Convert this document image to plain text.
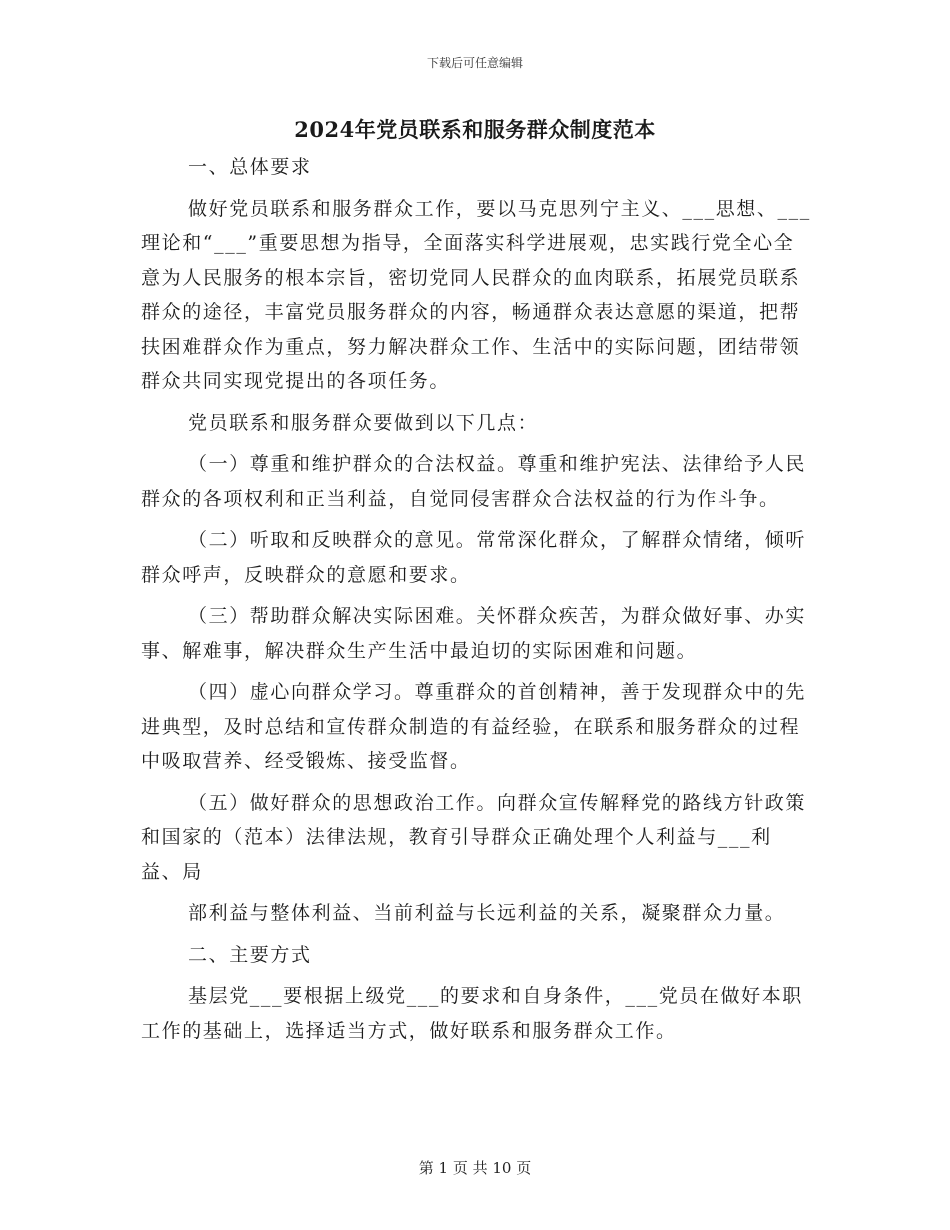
下载后可任意编辑
2024年党员联系和服务群众制度范本

一、总体要求

做好党员联系和服务群众工作，要以马克思列宁主义、___思想、___理论和“___”重要思想为指导，全面落实科学进展观，忠实践行党全心全意为人民服务的根本宗旨，密切党同人民群众的血肉联系，拓展党员联系群众的途径，丰富党员服务群众的内容，畅通群众表达意愿的渠道，把帮扶困难群众作为重点，努力解决群众工作、生活中的实际问题，团结带领群众共同实现党提出的各项任务。

党员联系和服务群众要做到以下几点：

（一）尊重和维护群众的合法权益。尊重和维护宪法、法律给予人民群众的各项权利和正当利益，自觉同侵害群众合法权益的行为作斗争。

（二）听取和反映群众的意见。常常深化群众，了解群众情绪，倾听群众呼声，反映群众的意愿和要求。

（三）帮助群众解决实际困难。关怀群众疾苦，为群众做好事、办实事、解难事，解决群众生产生活中最迫切的实际困难和问题。

（四）虚心向群众学习。尊重群众的首创精神，善于发现群众中的先进典型，及时总结和宣传群众制造的有益经验，在联系和服务群众的过程中吸取营养、经受锻炼、接受监督。

（五）做好群众的思想政治工作。向群众宣传解释党的路线方针政策和国家的（范本）法律法规，教育引导群众正确处理个人利益与___利益、局

部利益与整体利益、当前利益与长远利益的关系，凝聚群众力量。

二、主要方式

基层党___要根据上级党___的要求和自身条件，___党员在做好本职工作的基础上，选择适当方式，做好联系和服务群众工作。

第 1 页 共 10 页
